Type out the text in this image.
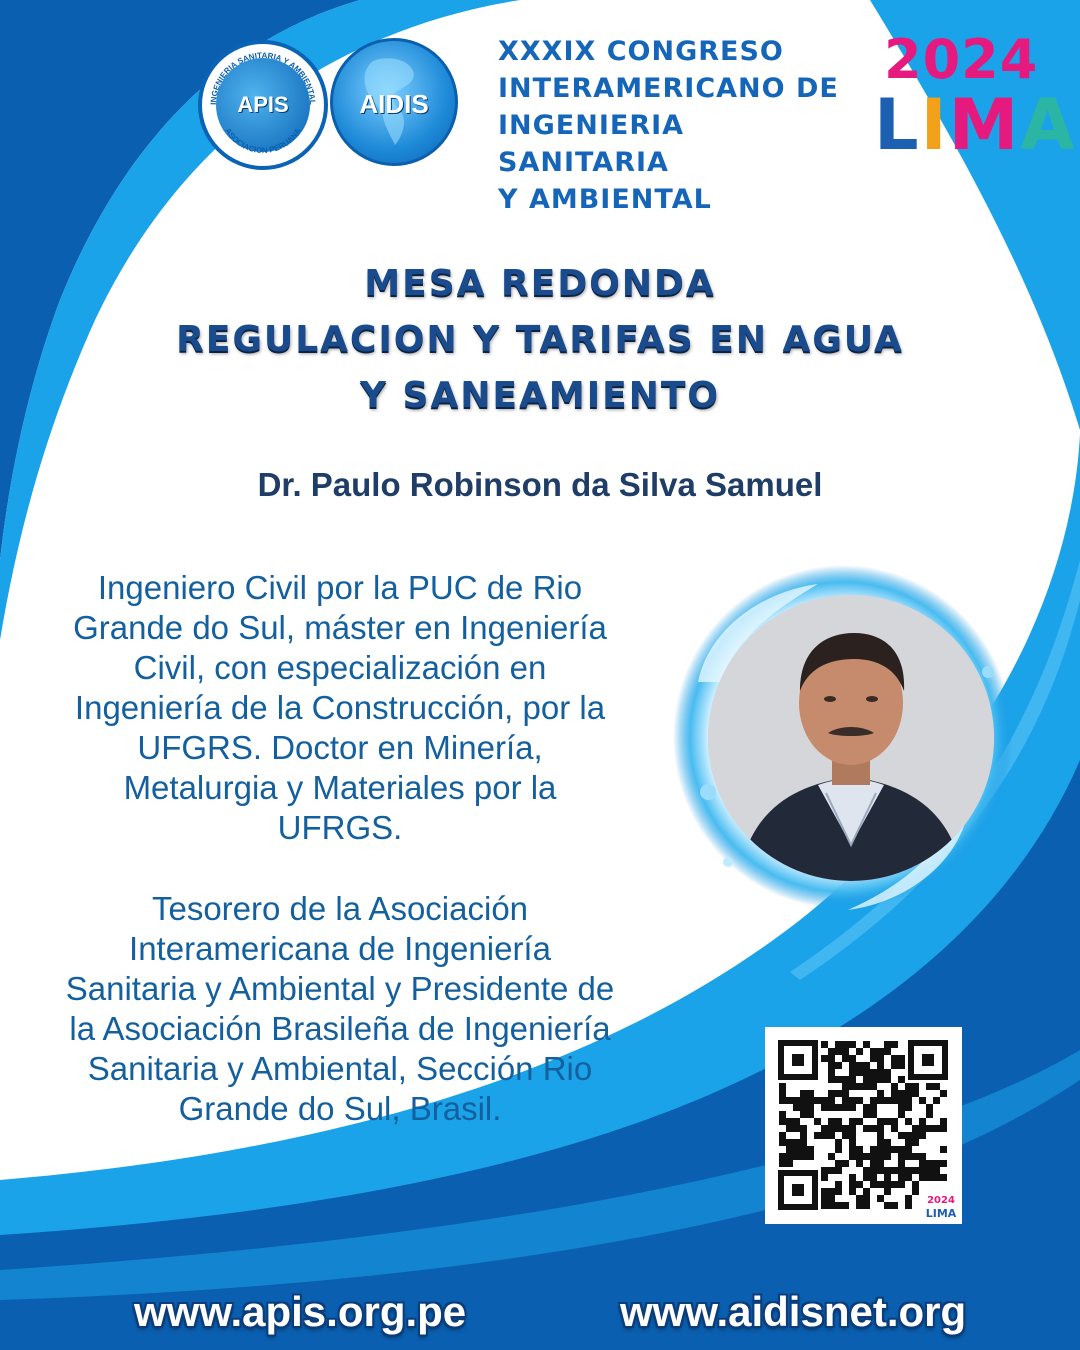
INGENIERIA SANITARIA Y AMBIENTAL
ASOCIACION PERUANA
APIS	AIDIS
XXXIX CONGRESO
INTERAMERICANO DE
INGENIERIA SANITARIA
Y AMBIENTAL
2024
LIMA
MESA REDONDA
REGULACION Y TARIFAS EN AGUA
Y SANEAMIENTO
Dr. Paulo Robinson da Silva Samuel
Ingeniero Civil por la PUC de Rio
Grande do Sul, máster en Ingeniería
Civil, con especialización en
Ingeniería de la Construcción, por la
UFGRS. Doctor en Minería,
Metalurgia y Materiales por la
UFRGS.
Tesorero de la Asociación
Interamericana de Ingeniería
Sanitaria y Ambiental y Presidente de
la Asociación Brasileña de Ingeniería
Sanitaria y Ambiental, Sección Rio
Grande do Sul, Brasil.
2024
LIMA
www.apis.org.pe	www.aidisnet.org
